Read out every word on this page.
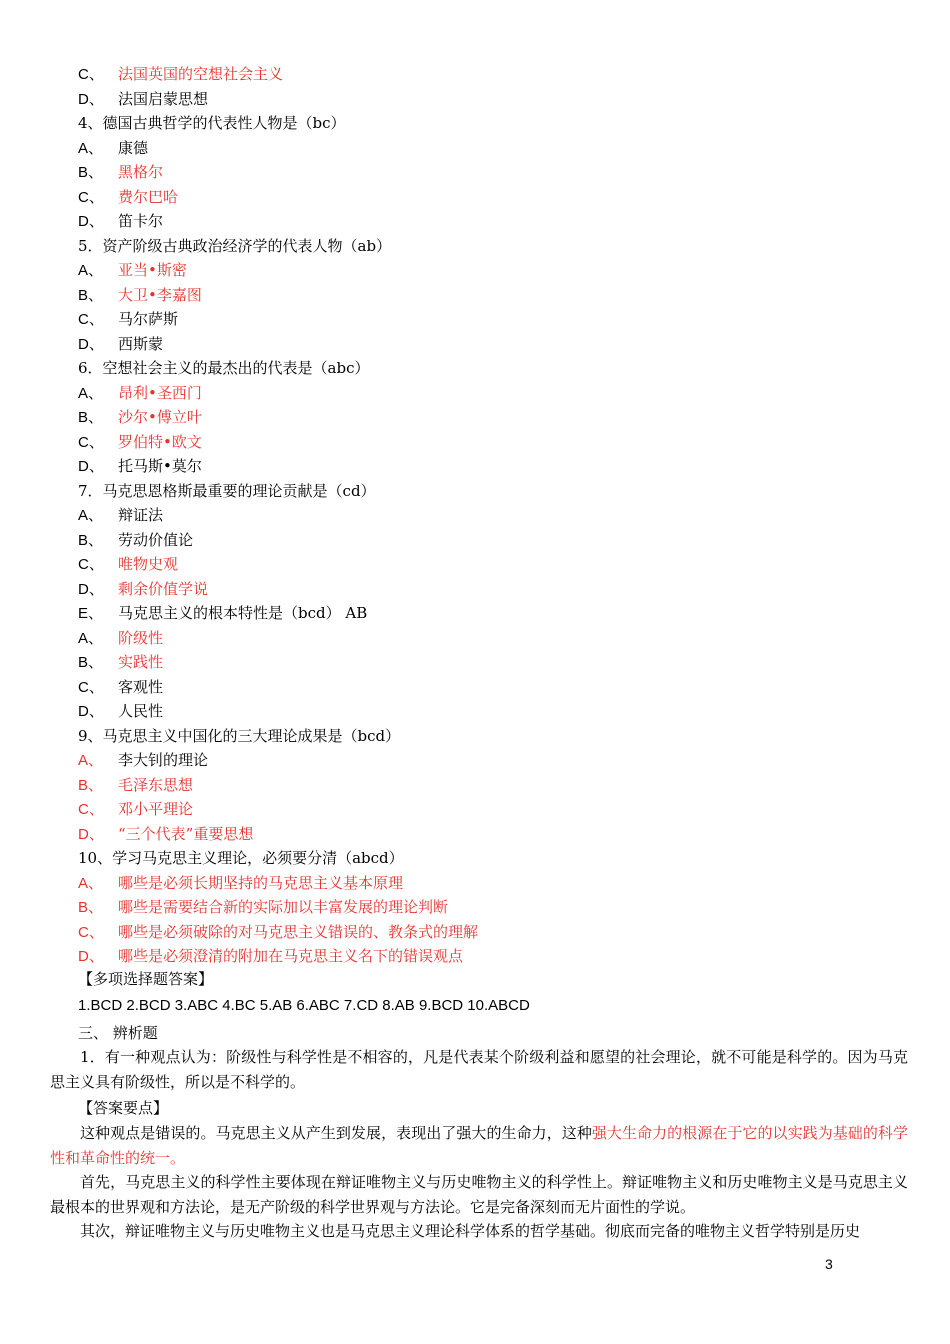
C、 法国英国的空想社会主义
D、 法国启蒙思想
4、德国古典哲学的代表性人物是（bc）
A、 康德
B、 黑格尔
C、 费尔巴哈
D、 笛卡尔
5．资产阶级古典政治经济学的代表人物（ab）
A、 亚当•斯密
B、 大卫•李嘉图
C、 马尔萨斯
D、 西斯蒙
6．空想社会主义的最杰出的代表是（abc）
A、 昂利•圣西门
B、 沙尔•傅立叶
C、 罗伯特•欧文
D、 托马斯•莫尔
7．马克思恩格斯最重要的理论贡献是（cd）
A、 辩证法
B、 劳动价值论
C、 唯物史观
D、 剩余价值学说
E、 马克思主义的根本特性是（bcd） AB
A、 阶级性
B、 实践性
C、 客观性
D、 人民性
9、马克思主义中国化的三大理论成果是（bcd）
A、 李大钊的理论
B、 毛泽东思想
C、 邓小平理论
D、 “三个代表”重要思想
10、学习马克思主义理论，必须要分清（abcd）
A、 哪些是必须长期坚持的马克思主义基本原理
B、 哪些是需要结合新的实际加以丰富发展的理论判断
C、 哪些是必须破除的对马克思主义错误的、教条式的理解
D、 哪些是必须澄清的附加在马克思主义名下的错误观点
【多项选择题答案】
1.BCD 2.BCD 3.ABC 4.BC 5.AB 6.ABC 7.CD 8.AB 9.BCD 10.ABCD
三、 辨析题
1．有一种观点认为：阶级性与科学性是不相容的，凡是代表某个阶级利益和愿望的社会理论，就不可能是科学的。因为马克思主义具有阶级性，所以是不科学的。
【答案要点】
这种观点是错误的。马克思主义从产生到发展，表现出了强大的生命力，这种强大生命力的根源在于它的以实践为基础的科学性和革命性的统一。
首先，马克思主义的科学性主要体现在辩证唯物主义与历史唯物主义的科学性上。辩证唯物主义和历史唯物主义是马克思主义最根本的世界观和方法论，是无产阶级的科学世界观与方法论。它是完备深刻而无片面性的学说。
其次，辩证唯物主义与历史唯物主义也是马克思主义理论科学体系的哲学基础。彻底而完备的唯物主义哲学特别是历史
3
